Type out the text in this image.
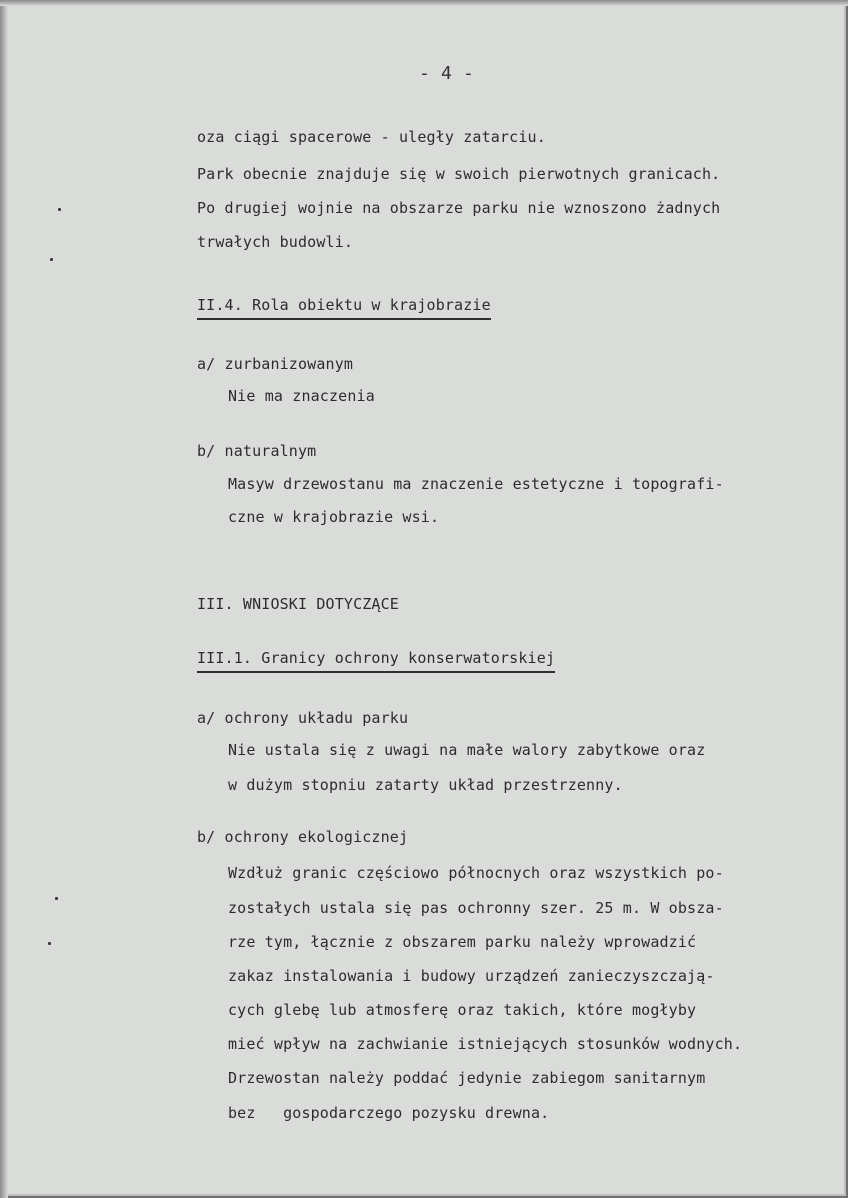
- 4 -

oza ciągi spacerowe - uległy zatarciu.

Park obecnie znajduje się w swoich pierwotnych granicach.

Po drugiej wojnie na obszarze parku nie wznoszono żadnych

trwałych budowli.

II.4. Rola obiektu w krajobrazie

a/ zurbanizowanym

Nie ma znaczenia

b/ naturalnym

Masyw drzewostanu ma znaczenie estetyczne i topografi-

czne w krajobrazie wsi.

III. WNIOSKI DOTYCZĄCE

III.1. Granicy ochrony konserwatorskiej

a/ ochrony układu parku

Nie ustala się z uwagi na małe walory zabytkowe oraz

w dużym stopniu zatarty układ przestrzenny.

b/ ochrony ekologicznej

Wzdłuż granic częściowo północnych oraz wszystkich po-

zostałych ustala się pas ochronny szer. 25 m. W obsza-

rze tym, łącznie z obszarem parku należy wprowadzić

zakaz instalowania i budowy urządzeń zanieczyszczają-

cych glebę lub atmosferę oraz takich, które mogłyby

mieć wpływ na zachwianie istniejących stosunków wodnych.

Drzewostan należy poddać jedynie zabiegom sanitarnym

bez   gospodarczego pozysku drewna.
